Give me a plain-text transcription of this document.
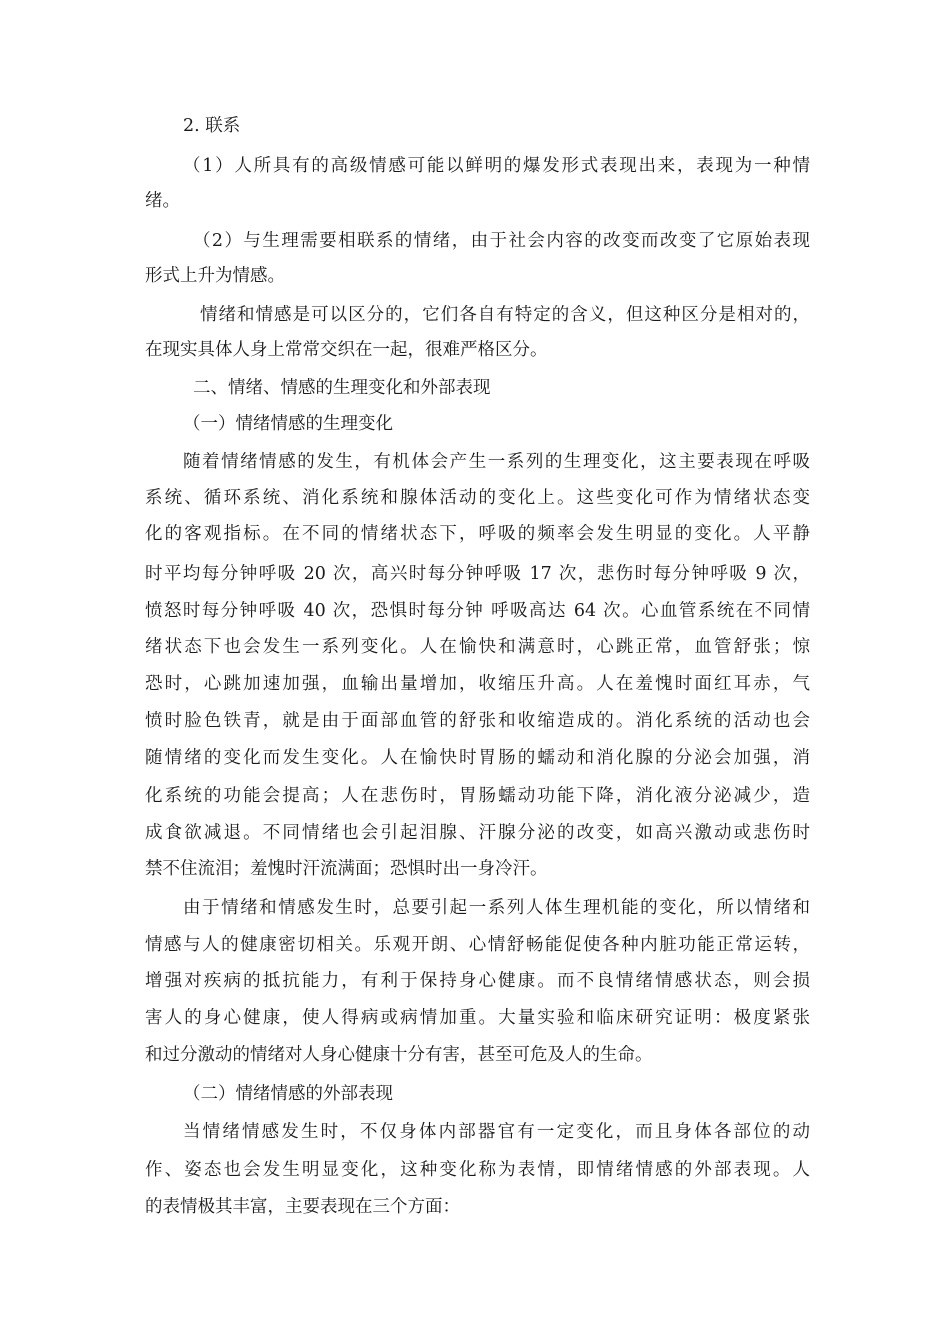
2. 联系
（1）人所具有的高级情感可能以鲜明的爆发形式表现出来，表现为一种情
绪。
（2）与生理需要相联系的情绪，由于社会内容的改变而改变了它原始表现
形式上升为情感。
情绪和情感是可以区分的，它们各自有特定的含义，但这种区分是相对的，
在现实具体人身上常常交织在一起，很难严格区分。
二、情绪、情感的生理变化和外部表现
（一）情绪情感的生理变化
随着情绪情感的发生，有机体会产生一系列的生理变化，这主要表现在呼吸
系统、循环系统、消化系统和腺体活动的变化上。这些变化可作为情绪状态变
化的客观指标。在不同的情绪状态下，呼吸的频率会发生明显的变化。人平静
时平均每分钟呼吸 20 次，高兴时每分钟呼吸 17 次，悲伤时每分钟呼吸 9 次，
愤怒时每分钟呼吸 40 次，恐惧时每分钟 呼吸高达 64 次。心血管系统在不同情
绪状态下也会发生一系列变化。人在愉快和满意时，心跳正常，血管舒张；惊
恐时，心跳加速加强，血输出量增加，收缩压升高。人在羞愧时面红耳赤，气
愤时脸色铁青，就是由于面部血管的舒张和收缩造成的。消化系统的活动也会
随情绪的变化而发生变化。人在愉快时胃肠的蠕动和消化腺的分泌会加强，消
化系统的功能会提高；人在悲伤时，胃肠蠕动功能下降，消化液分泌减少，造
成食欲减退。不同情绪也会引起泪腺、汗腺分泌的改变，如高兴激动或悲伤时
禁不住流泪；羞愧时汗流满面；恐惧时出一身冷汗。
由于情绪和情感发生时，总要引起一系列人体生理机能的变化，所以情绪和
情感与人的健康密切相关。乐观开朗、心情舒畅能促使各种内脏功能正常运转，
增强对疾病的抵抗能力，有利于保持身心健康。而不良情绪情感状态，则会损
害人的身心健康，使人得病或病情加重。大量实验和临床研究证明：极度紧张
和过分激动的情绪对人身心健康十分有害，甚至可危及人的生命。
（二）情绪情感的外部表现
当情绪情感发生时，不仅身体内部器官有一定变化，而且身体各部位的动
作、姿态也会发生明显变化，这种变化称为表情，即情绪情感的外部表现。人
的表情极其丰富，主要表现在三个方面：
